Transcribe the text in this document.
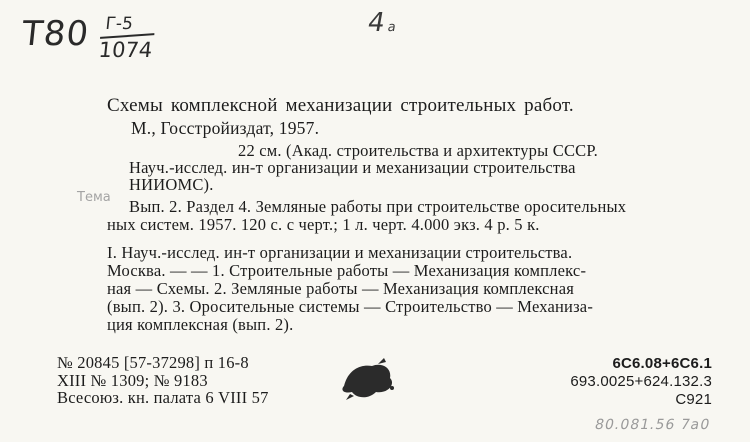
Т80 Г-5
1074
4а
Схемы комплексной механизации строительных работ.
М., Госстройиздат, 1957.
22 см. (Акад. строительства и архитектуры СССР.
Науч.-исслед. ин-т организации и механизации строительства
НИИОМС).
Тема Вып. 2. Раздел 4. Земляные работы при строительстве оросительных
ных систем. 1957. 120 с. с черт.; 1 л. черт. 4.000 экз. 4 р. 5 к.
I. Науч.-исслед. ин-т организации и механизации строительства.
Москва. — — 1. Строительные работы — Механизация комплекс-
ная — Схемы. 2. Земляные работы — Механизация комплексная
(вып. 2). 3. Оросительные системы — Строительство — Механиза-
ция комплексная (вып. 2).
№ 20845 [57-37298] п 16-8
XIII № 1309; № 9183
Всесоюз. кн. палата 6 VIII 57
6С6.08+6С6.1
693.0025+624.132.3
С921
80.081.56 7а0
